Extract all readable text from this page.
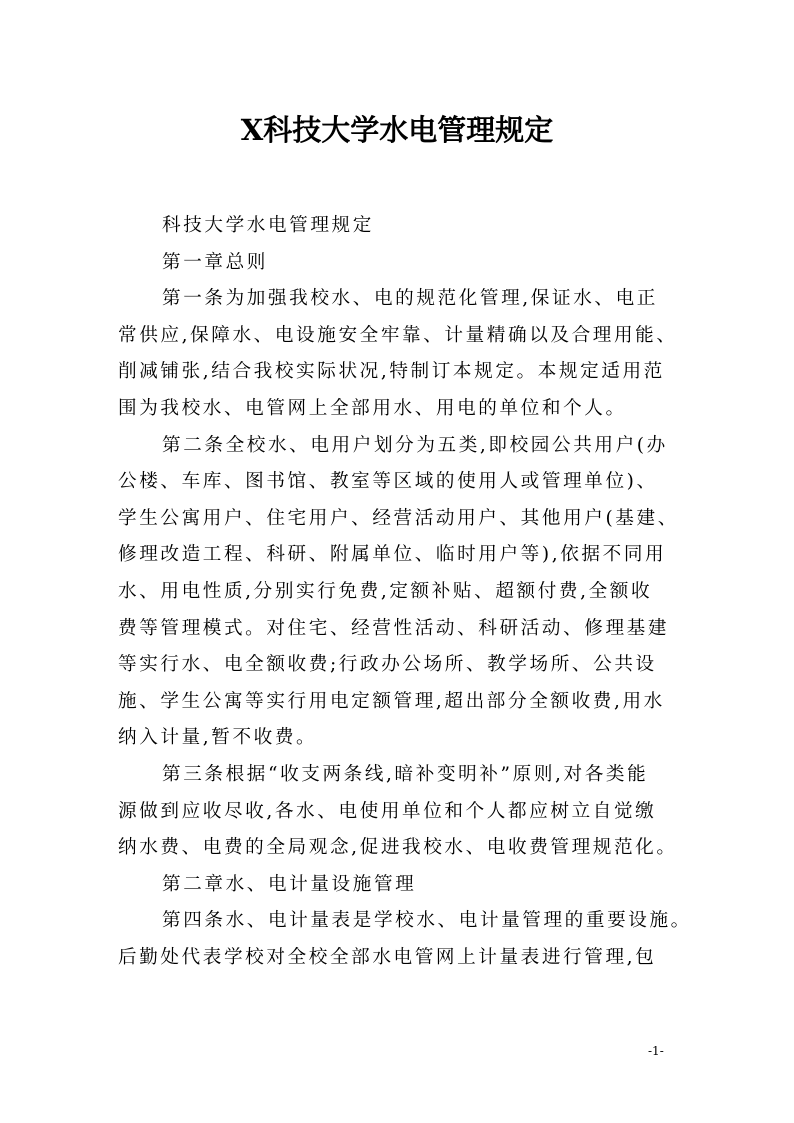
X科技大学水电管理规定
科技大学水电管理规定
第一章总则
第一条为加强我校水、电的规范化管理,保证水、电正
常供应,保障水、电设施安全牢靠、计量精确以及合理用能、
削减铺张,结合我校实际状况,特制订本规定。本规定适用范
围为我校水、电管网上全部用水、用电的单位和个人。
第二条全校水、电用户划分为五类,即校园公共用户(办
公楼、车库、图书馆、教室等区域的使用人或管理单位)、
学生公寓用户、住宅用户、经营活动用户、其他用户(基建、
修理改造工程、科研、附属单位、临时用户等),依据不同用
水、用电性质,分别实行免费,定额补贴、超额付费,全额收
费等管理模式。对住宅、经营性活动、科研活动、修理基建
等实行水、电全额收费;行政办公场所、教学场所、公共设
施、学生公寓等实行用电定额管理,超出部分全额收费,用水
纳入计量,暂不收费。
第三条根据“收支两条线,暗补变明补”原则,对各类能
源做到应收尽收,各水、电使用单位和个人都应树立自觉缴
纳水费、电费的全局观念,促进我校水、电收费管理规范化。
第二章水、电计量设施管理
第四条水、电计量表是学校水、电计量管理的重要设施。
后勤处代表学校对全校全部水电管网上计量表进行管理,包
-1-
